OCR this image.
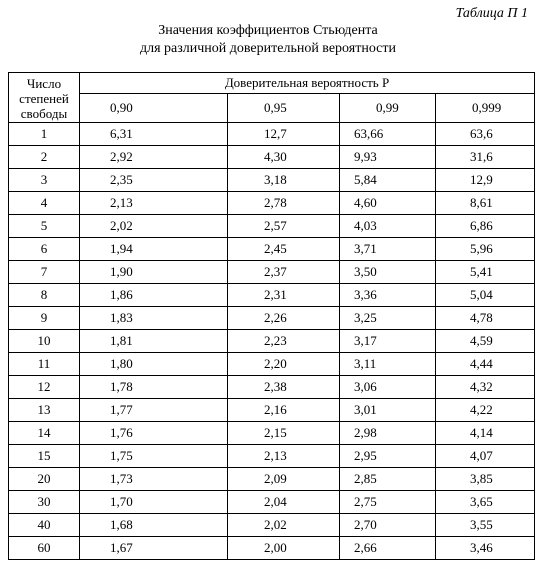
Таблица П 1
Значения коэффициентов Стьюдента
для различной доверительной вероятности
Число
степеней
свободы	Доверительная вероятность P			
	0,90	0,95	0,99	0,999
1	6,31	12,7	63,66	63,6
2	2,92	4,30	9,93	31,6
3	2,35	3,18	5,84	12,9
4	2,13	2,78	4,60	8,61
5	2,02	2,57	4,03	6,86
6	1,94	2,45	3,71	5,96
7	1,90	2,37	3,50	5,41
8	1,86	2,31	3,36	5,04
9	1,83	2,26	3,25	4,78
10	1,81	2,23	3,17	4,59
11	1,80	2,20	3,11	4,44
12	1,78	2,38	3,06	4,32
13	1,77	2,16	3,01	4,22
14	1,76	2,15	2,98	4,14
15	1,75	2,13	2,95	4,07
20	1,73	2,09	2,85	3,85
30	1,70	2,04	2,75	3,65
40	1,68	2,02	2,70	3,55
60	1,67	2,00	2,66	3,46
